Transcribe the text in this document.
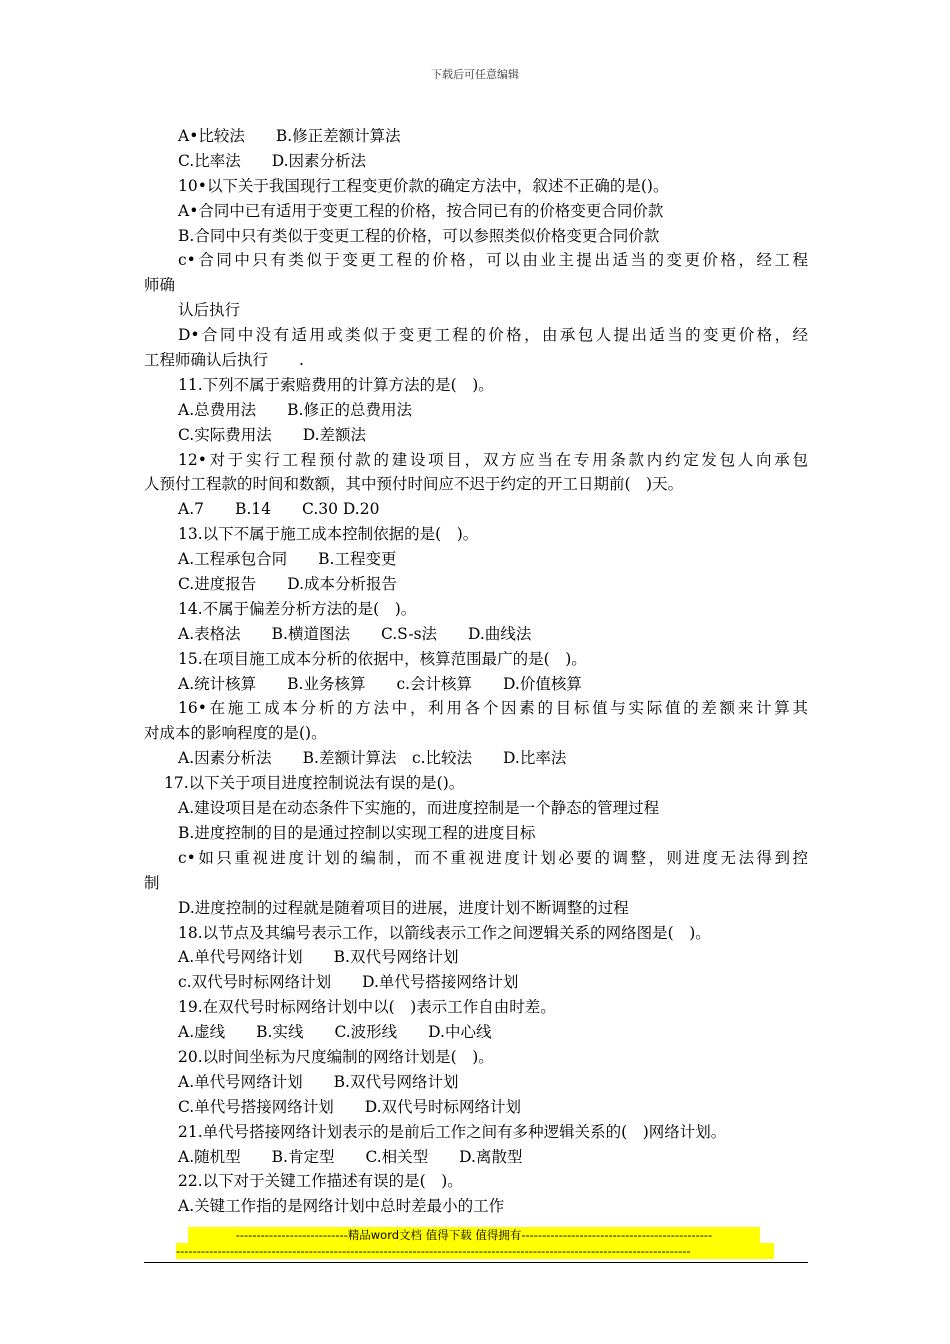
下载后可任意编辑
A•比较法　　B.修正差额计算法
C.比率法　　D.因素分析法
10•以下关于我国现行工程变更价款的确定方法中，叙述不正确的是()。
A•合同中已有适用于变更工程的价格，按合同已有的价格变更合同价款
B.合同中只有类似于变更工程的价格，可以参照类似价格变更合同价款
c•合同中只有类似于变更工程的价格，可以由业主提出适当的变更价格，经工程
师确
认后执行
D•合同中没有适用或类似于变更工程的价格，由承包人提出适当的变更价格，经
工程师确认后执行　　.
11.下列不属于索赔费用的计算方法的是(　)。
A.总费用法　　B.修正的总费用法
C.实际费用法　　D.差额法
12•对于实行工程预付款的建设项目，双方应当在专用条款内约定发包人向承包
人预付工程款的时间和数额，其中预付时间应不迟于约定的开工日期前(　)天。
A.7　　B.14　　C.30 D.20
13.以下不属于施工成本控制依据的是(　)。
A.工程承包合同　　B.工程变更
C.进度报告　　D.成本分析报告
14.不属于偏差分析方法的是(　)。
A.表格法　　B.横道图法　　C.S-s法　　D.曲线法
15.在项目施工成本分析的依据中，核算范围最广的是(　)。
A.统计核算　　B.业务核算　　c.会计核算　　D.价值核算
16•在施工成本分析的方法中，利用各个因素的目标值与实际值的差额来计算其
对成本的影响程度的是()。
A.因素分析法　　B.差额计算法　c.比较法　　D.比率法
17.以下关于项目进度控制说法有误的是()。
A.建设项目是在动态条件下实施的，而进度控制是一个静态的管理过程
B.进度控制的目的是通过控制以实现工程的进度目标
c•如只重视进度计划的编制，而不重视进度计划必要的调整，则进度无法得到控
制
D.进度控制的过程就是随着项目的进展，进度计划不断调整的过程
18.以节点及其编号表示工作，以箭线表示工作之间逻辑关系的网络图是(　)。
A.单代号网络计划　　B.双代号网络计划
c.双代号时标网络计划　　D.单代号搭接网络计划
19.在双代号时标网络计划中以(　)表示工作自由时差。
A.虚线　　B.实线　　C.波形线　　D.中心线
20.以时间坐标为尺度编制的网络计划是(　)。
A.单代号网络计划　　B.双代号网络计划
C.单代号搭接网络计划　　D.双代号时标网络计划
21.单代号搭接网络计划表示的是前后工作之间有多种逻辑关系的(　)网络计划。
A.随机型　　B.肯定型　　C.相关型　　D.离散型
22.以下对于关键工作描述有误的是(　)。
A.关键工作指的是网络计划中总时差最小的工作
---------------------------精品word文档 值得下载 值得拥有----------------------------------------------
----------------------------------------------------------------------------------------------------------------------------
